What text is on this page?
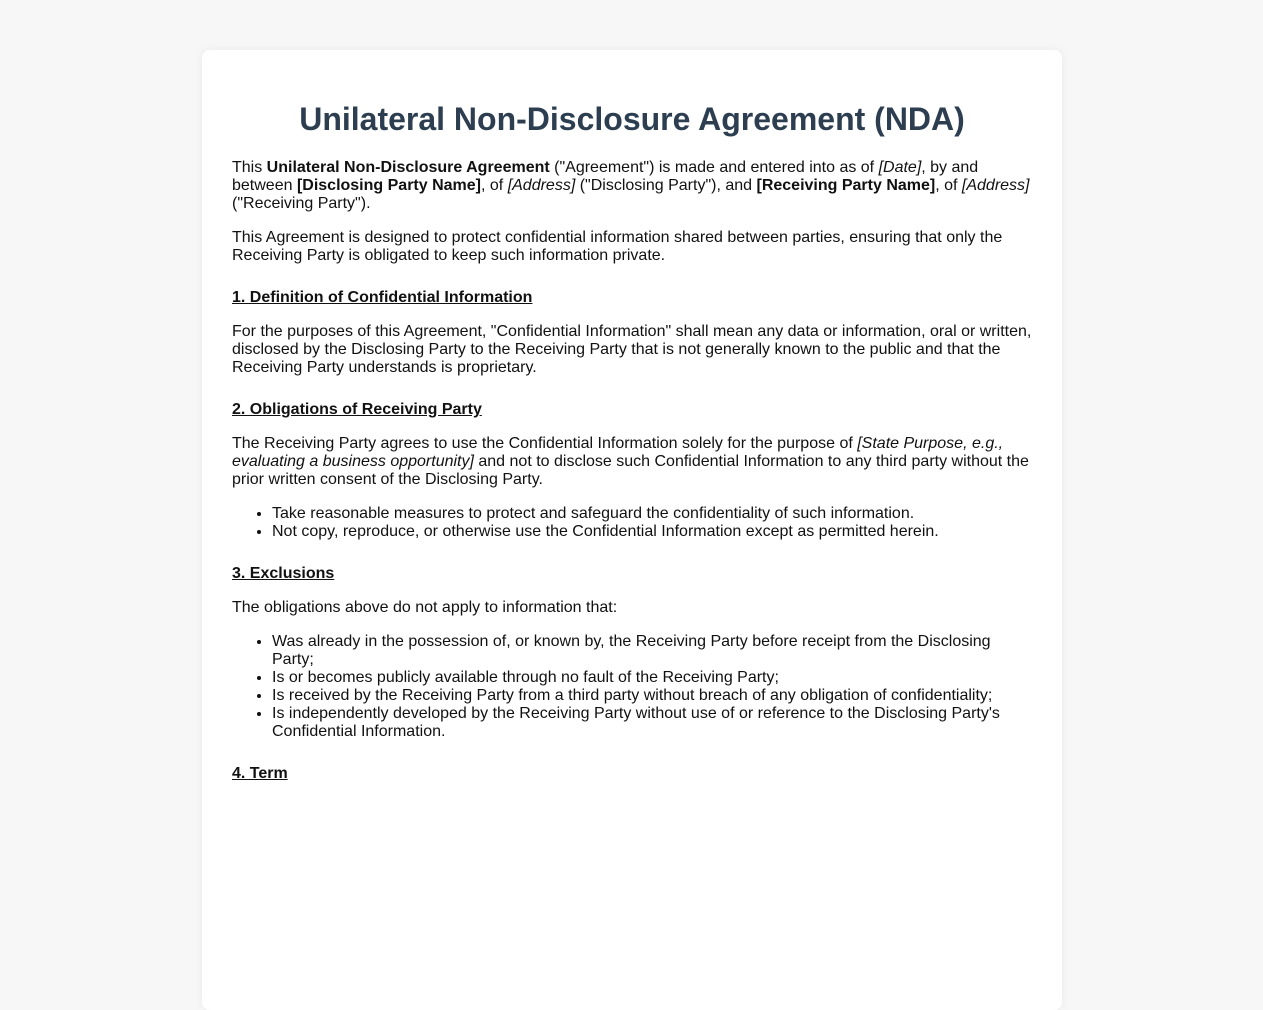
Unilateral Non-Disclosure Agreement (NDA)

This Unilateral Non-Disclosure Agreement ("Agreement") is made and entered into as of [Date], by and between [Disclosing Party Name], of [Address] ("Disclosing Party"), and [Receiving Party Name], of [Address] ("Receiving Party").

This Agreement is designed to protect confidential information shared between parties, ensuring that only the Receiving Party is obligated to keep such information private.

1. Definition of Confidential Information

For the purposes of this Agreement, "Confidential Information" shall mean any data or information, oral or written, disclosed by the Disclosing Party to the Receiving Party that is not generally known to the public and that the Receiving Party understands is proprietary.

2. Obligations of Receiving Party

The Receiving Party agrees to use the Confidential Information solely for the purpose of [State Purpose, e.g., evaluating a business opportunity] and not to disclose such Confidential Information to any third party without the prior written consent of the Disclosing Party.

• Take reasonable measures to protect and safeguard the confidentiality of such information.
• Not copy, reproduce, or otherwise use the Confidential Information except as permitted herein.
3. Exclusions

The obligations above do not apply to information that:

• Was already in the possession of, or known by, the Receiving Party before receipt from the Disclosing Party;
• Is or becomes publicly available through no fault of the Receiving Party;
• Is received by the Receiving Party from a third party without breach of any obligation of confidentiality;
• Is independently developed by the Receiving Party without use of or reference to the Disclosing Party's Confidential Information.
4. Term
